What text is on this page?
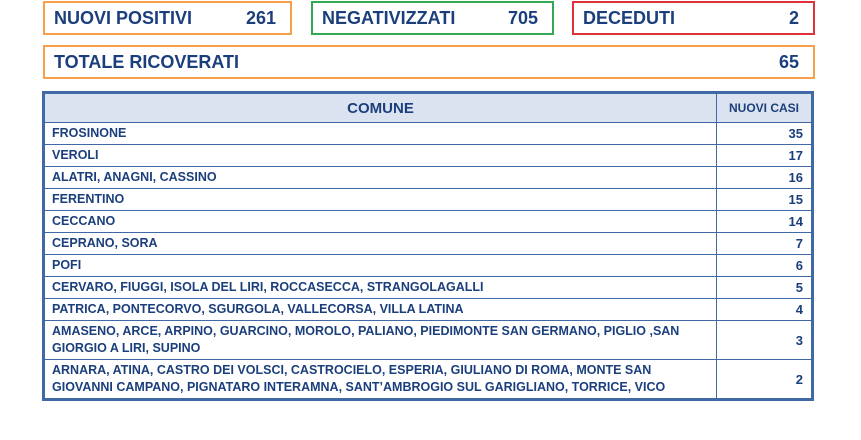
NUOVI POSITIVI	261	NEGATIVIZZATI	705	DECEDUTI	2
TOTALE RICOVERATI	65
COMUNE	NUOVI CASI
FROSINONE	35
VEROLI	17
ALATRI, ANAGNI, CASSINO	16
FERENTINO	15
CECCANO	14
CEPRANO, SORA	7
POFI	6
CERVARO, FIUGGI, ISOLA DEL LIRI, ROCCASECCA, STRANGOLAGALLI	5
PATRICA, PONTECORVO, SGURGOLA, VALLECORSA, VILLA LATINA	4
AMASENO, ARCE, ARPINO, GUARCINO, MOROLO, PALIANO, PIEDIMONTE SAN GERMANO, PIGLIO ,SAN GIORGIO A LIRI, SUPINO	3
ARNARA, ATINA, CASTRO DEI VOLSCI, CASTROCIELO, ESPERIA, GIULIANO DI ROMA, MONTE SAN GIOVANNI CAMPANO, PIGNATARO INTERAMNA, SANT’AMBROGIO SUL GARIGLIANO, TORRICE, VICO	2
